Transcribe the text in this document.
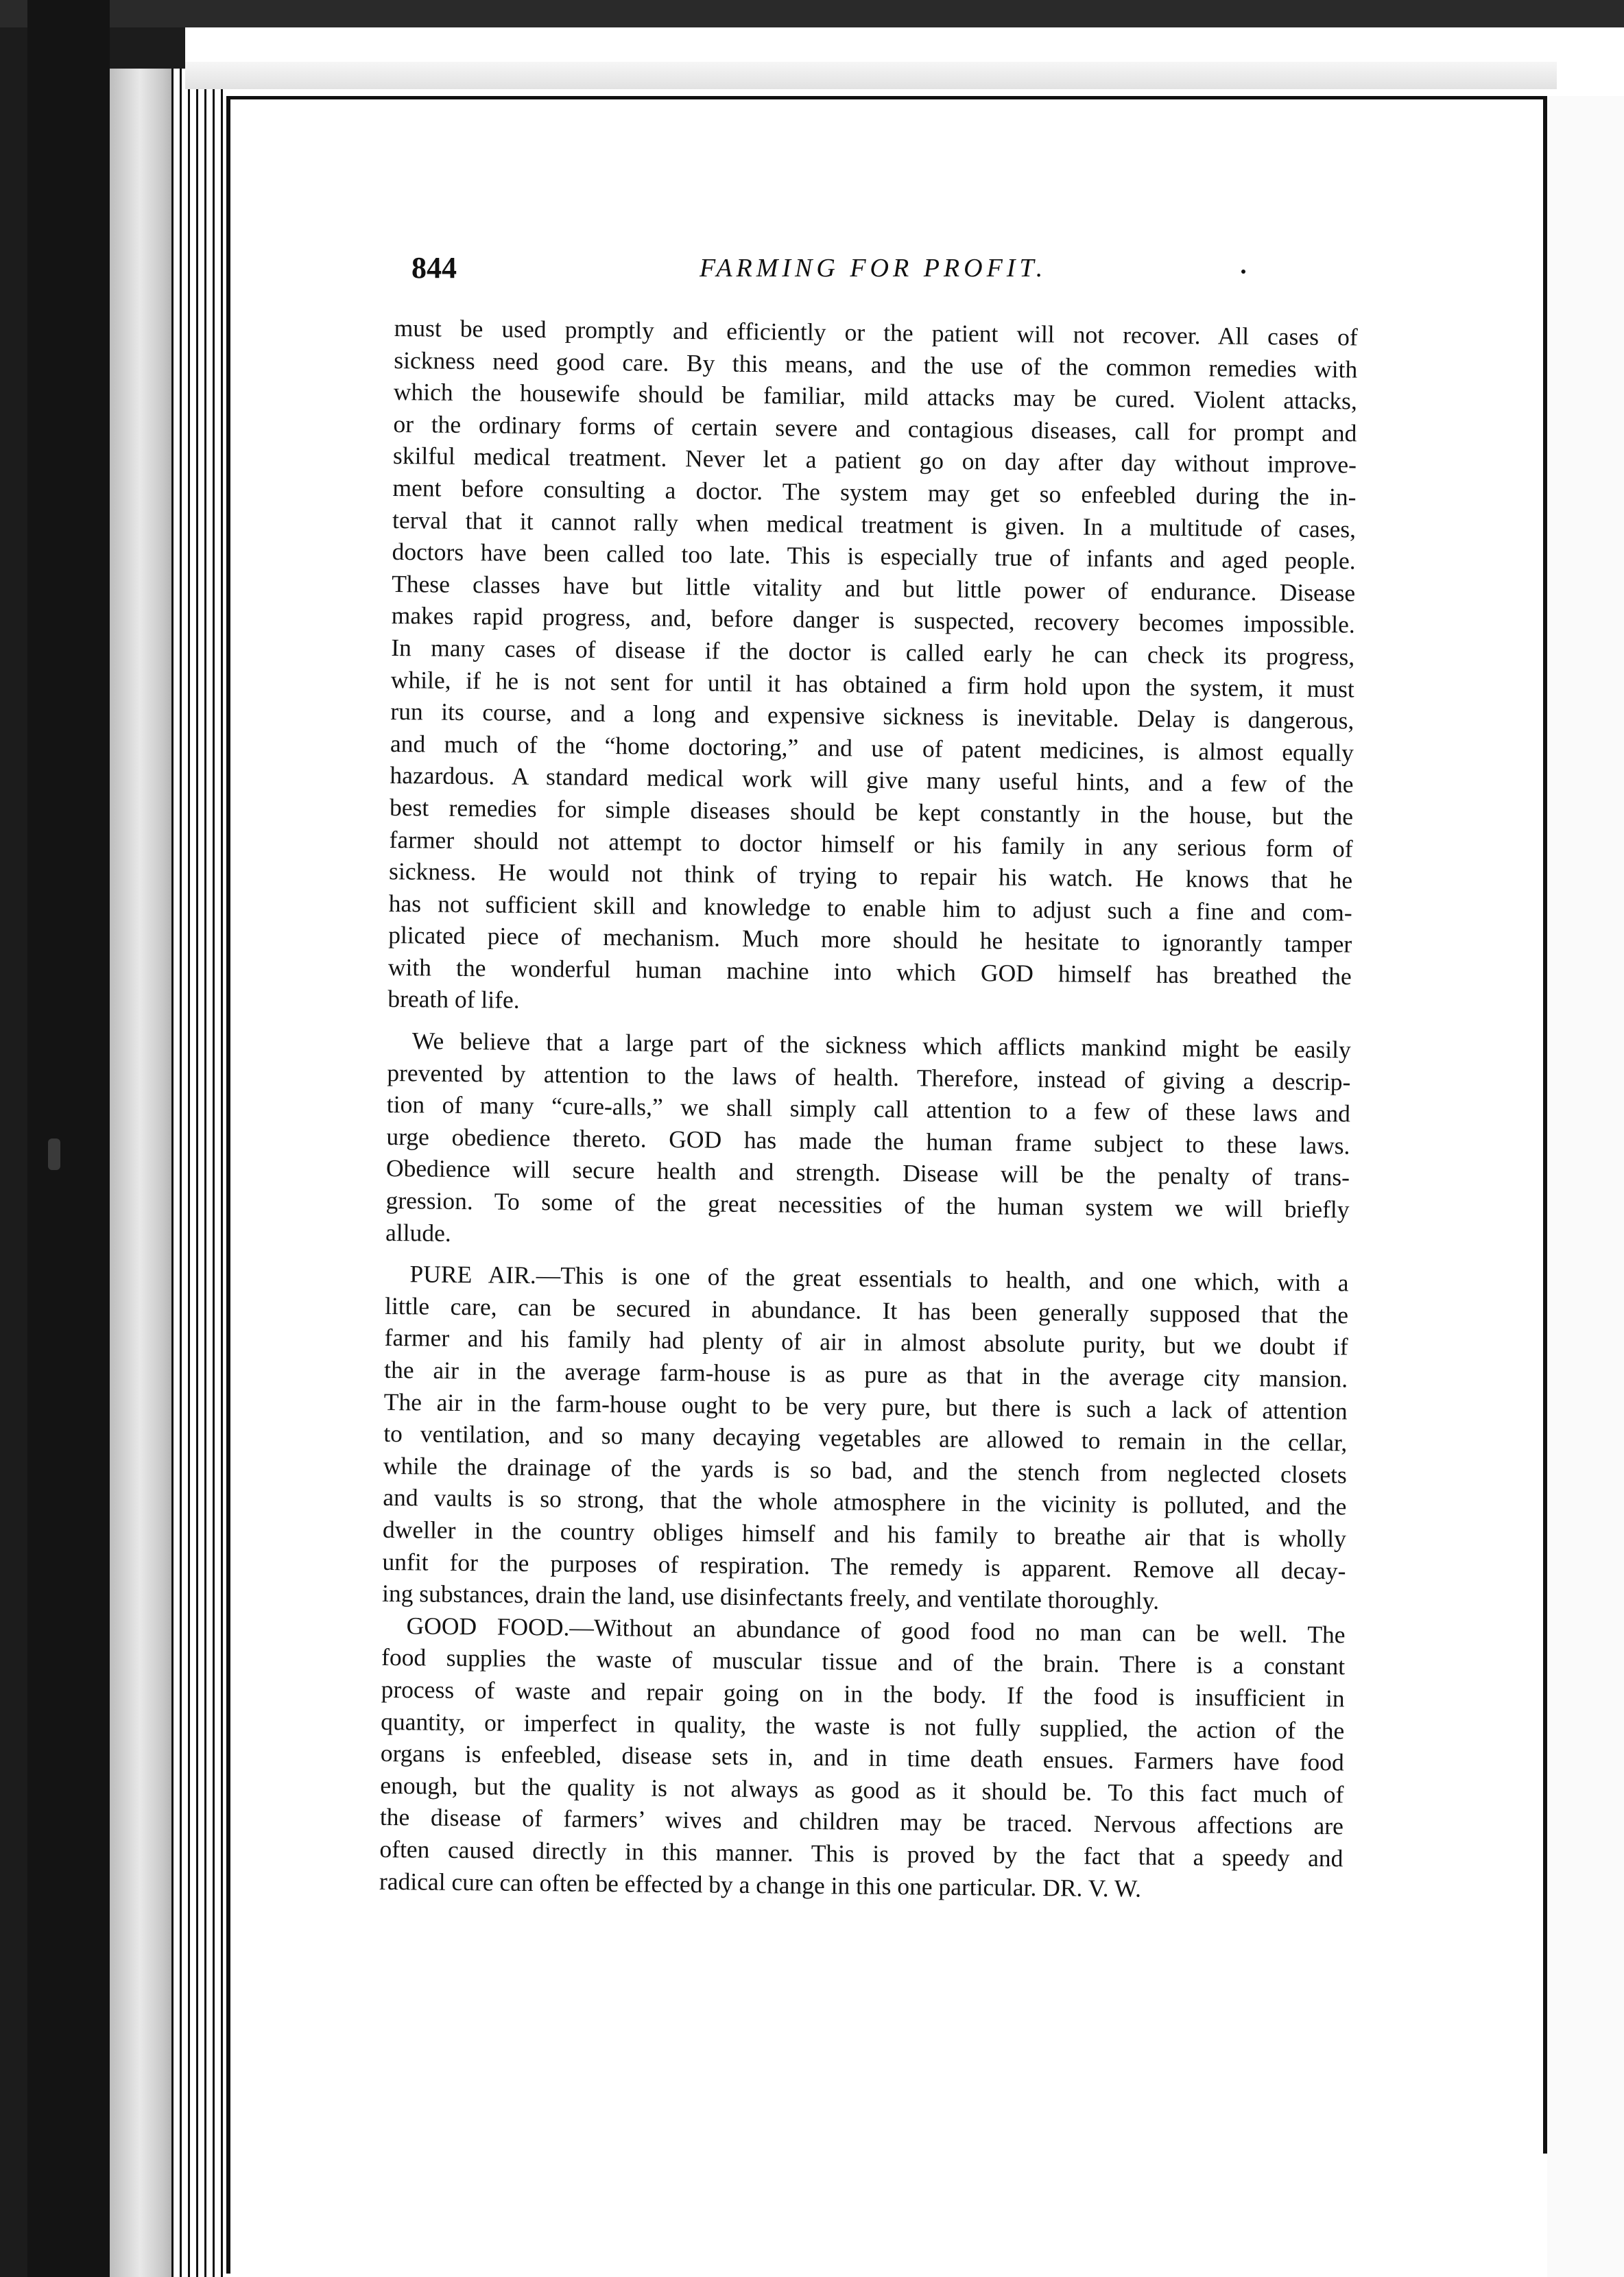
844	FARMING FOR PROFIT.
must be used promptly and efficiently or the patient will not recover. All cases of
sickness need good care. By this means, and the use of the common remedies with
which the housewife should be familiar, mild attacks may be cured. Violent attacks,
or the ordinary forms of certain severe and contagious diseases, call for prompt and
skilful medical treatment. Never let a patient go on day after day without improve-
ment before consulting a doctor. The system may get so enfeebled during the in-
terval that it cannot rally when medical treatment is given. In a multitude of cases,
doctors have been called too late. This is especially true of infants and aged people.
These classes have but little vitality and but little power of endurance. Disease
makes rapid progress, and, before danger is suspected, recovery becomes impossible.
In many cases of disease if the doctor is called early he can check its progress,
while, if he is not sent for until it has obtained a firm hold upon the system, it must
run its course, and a long and expensive sickness is inevitable. Delay is dangerous,
and much of the “home doctoring,” and use of patent medicines, is almost equally
hazardous. A standard medical work will give many useful hints, and a few of the
best remedies for simple diseases should be kept constantly in the house, but the
farmer should not attempt to doctor himself or his family in any serious form of
sickness. He would not think of trying to repair his watch. He knows that he
has not sufficient skill and knowledge to enable him to adjust such a fine and com-
plicated piece of mechanism. Much more should he hesitate to ignorantly tamper
with the wonderful human machine into which GOD himself has breathed the
breath of life.
We believe that a large part of the sickness which afflicts mankind might be easily
prevented by attention to the laws of health. Therefore, instead of giving a descrip-
tion of many “cure-alls,” we shall simply call attention to a few of these laws and
urge obedience thereto. GOD has made the human frame subject to these laws.
Obedience will secure health and strength. Disease will be the penalty of trans-
gression. To some of the great necessities of the human system we will briefly
allude.
PURE AIR.—This is one of the great essentials to health, and one which, with a
little care, can be secured in abundance. It has been generally supposed that the
farmer and his family had plenty of air in almost absolute purity, but we doubt if
the air in the average farm-house is as pure as that in the average city mansion.
The air in the farm-house ought to be very pure, but there is such a lack of attention
to ventilation, and so many decaying vegetables are allowed to remain in the cellar,
while the drainage of the yards is so bad, and the stench from neglected closets
and vaults is so strong, that the whole atmosphere in the vicinity is polluted, and the
dweller in the country obliges himself and his family to breathe air that is wholly
unfit for the purposes of respiration. The remedy is apparent. Remove all decay-
ing substances, drain the land, use disinfectants freely, and ventilate thoroughly.
GOOD FOOD.—Without an abundance of good food no man can be well. The
food supplies the waste of muscular tissue and of the brain. There is a constant
process of waste and repair going on in the body. If the food is insufficient in
quantity, or imperfect in quality, the waste is not fully supplied, the action of the
organs is enfeebled, disease sets in, and in time death ensues. Farmers have food
enough, but the quality is not always as good as it should be. To this fact much of
the disease of farmers’ wives and children may be traced. Nervous affections are
often caused directly in this manner. This is proved by the fact that a speedy and
radical cure can often be effected by a change in this one particular. DR. V. W.
